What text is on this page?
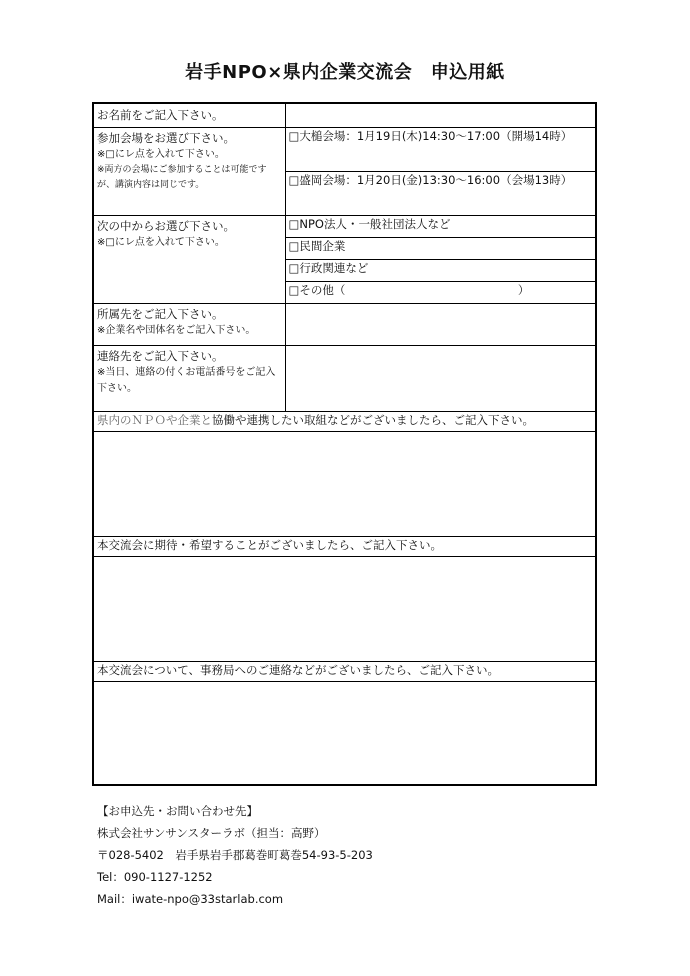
岩手NPO×県内企業交流会　申込用紙
お名前をご記入下さい。	

参加会場をお選び下さい。
※□にレ点を入れて下さい。
※両方の会場にご参加することは可能ですが、講演内容は同じです。	□大槌会場：1月19日(木)14:30～17:00（開場14時）
	□盛岡会場：1月20日(金)13:30～16:00（会場13時）

次の中からお選び下さい。
※□にレ点を入れて下さい。	□NPO法人・一般社団法人など
	□民間企業
	□行政関連など
	□その他（　　　　　　　　　　　　　　　）

所属先をご記入下さい。
※企業名や団体名をご記入下さい。	

連絡先をご記入下さい。
※当日、連絡の付くお電話番号をご記入下さい。	

県内のＮＰＯや企業と協働や連携したい取組などがございましたら、ご記入下さい。	

本交流会に期待・希望することがございましたら、ご記入下さい。	

本交流会について、事務局へのご連絡などがございましたら、ご記入下さい。	

【お申込先・お問い合わせ先】
株式会社サンサンスターラボ（担当：高野）
〒028-5402　岩手県岩手郡葛巻町葛巻54-93-5-203
Tel：090-1127-1252
Mail：iwate-npo@33starlab.com
